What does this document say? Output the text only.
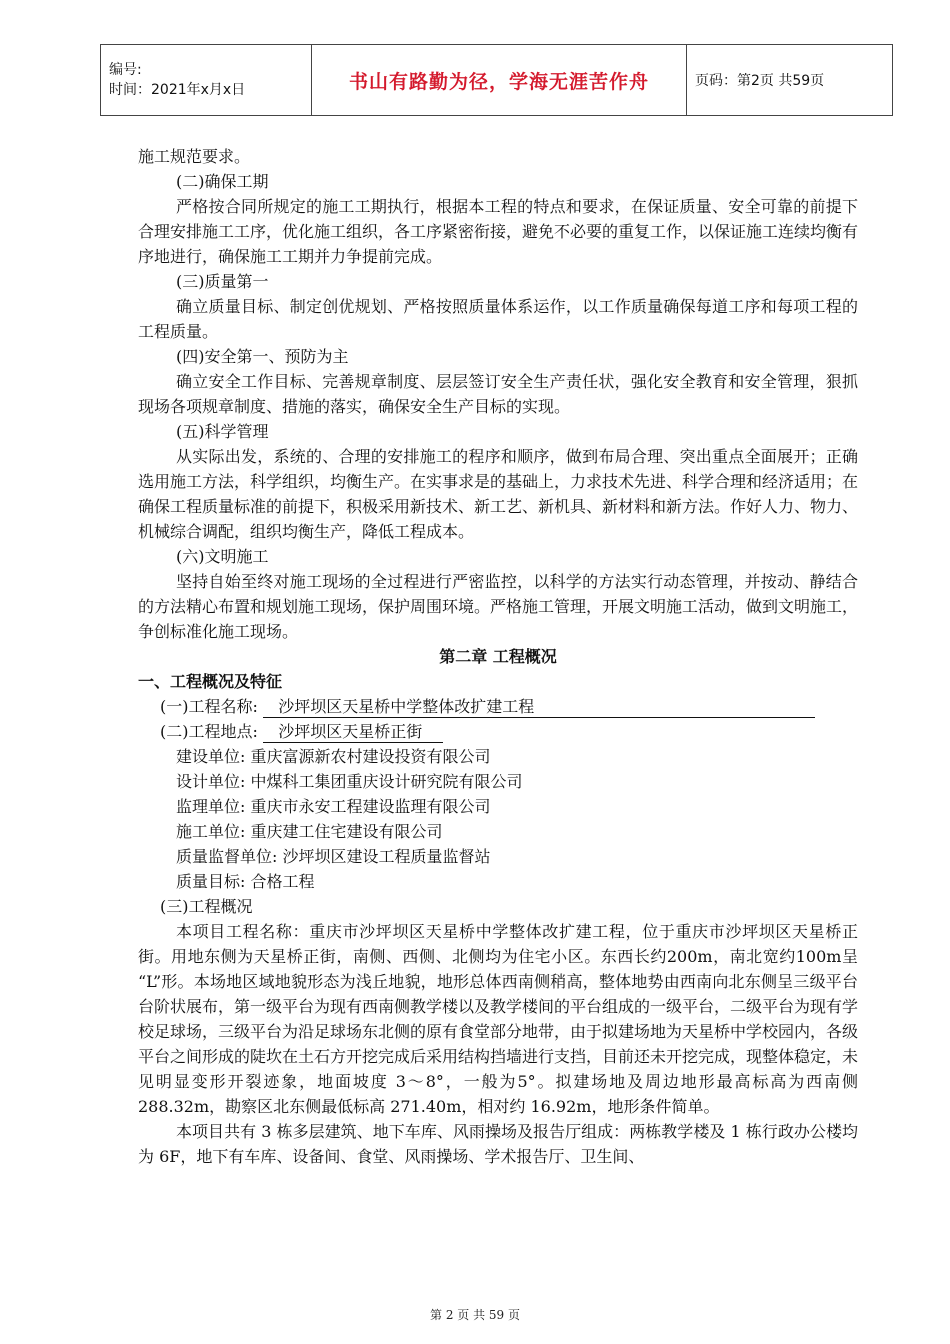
编号:
时间：2021年x月x日	书山有路勤为径，学海无涯苦作舟	页码：第2页 共59页

施工规范要求。

(二)确保工期

严格按合同所规定的施工工期执行，根据本工程的特点和要求，在保证质量、安全可靠的前提下合理安排施工工序，优化施工组织，各工序紧密衔接，避免不必要的重复工作，以保证施工连续均衡有序地进行，确保施工工期并力争提前完成。

(三)质量第一

确立质量目标、制定创优规划、严格按照质量体系运作，以工作质量确保每道工序和每项工程的工程质量。

(四)安全第一、预防为主

确立安全工作目标、完善规章制度、层层签订安全生产责任状，强化安全教育和安全管理，狠抓现场各项规章制度、措施的落实，确保安全生产目标的实现。

(五)科学管理

从实际出发，系统的、合理的安排施工的程序和顺序，做到布局合理、突出重点全面展开；正确选用施工方法，科学组织，均衡生产。在实事求是的基础上，力求技术先进、科学合理和经济适用；在确保工程质量标准的前提下，积极采用新技术、新工艺、新机具、新材料和新方法。作好人力、物力、机械综合调配，组织均衡生产，降低工程成本。

(六)文明施工

坚持自始至终对施工现场的全过程进行严密监控，以科学的方法实行动态管理，并按动、静结合的方法精心布置和规划施工现场，保护周围环境。严格施工管理，开展文明施工活动，做到文明施工，争创标准化施工现场。

第二章 工程概况

一、工程概况及特征

(一)工程名称: 沙坪坝区天星桥中学整体改扩建工程

(二)工程地点: 沙坪坝区天星桥正街

建设单位: 重庆富源新农村建设投资有限公司

设计单位: 中煤科工集团重庆设计研究院有限公司

监理单位: 重庆市永安工程建设监理有限公司

施工单位: 重庆建工住宅建设有限公司

质量监督单位: 沙坪坝区建设工程质量监督站

质量目标: 合格工程

(三)工程概况

本项目工程名称：重庆市沙坪坝区天星桥中学整体改扩建工程，位于重庆市沙坪坝区天星桥正街。用地东侧为天星桥正街，南侧、西侧、北侧均为住宅小区。东西长约200m，南北宽约100m呈 “L”形。本场地区域地貌形态为浅丘地貌，地形总体西南侧稍高，整体地势由西南向北东侧呈三级平台台阶状展布，第一级平台为现有西南侧教学楼以及教学楼间的平台组成的一级平台，二级平台为现有学校足球场，三级平台为沿足球场东北侧的原有食堂部分地带，由于拟建场地为天星桥中学校园内，各级平台之间形成的陡坎在土石方开挖完成后采用结构挡墙进行支挡，目前还未开挖完成，现整体稳定，未见明显变形开裂迹象，地面坡度 3～8°，一般为5°。拟建场地及周边地形最高标高为西南侧 288.32m，勘察区北东侧最低标高 271.40m，相对约 16.92m，地形条件简单。

本项目共有 3 栋多层建筑、地下车库、风雨操场及报告厅组成：两栋教学楼及 1 栋行政办公楼均为 6F，地下有车库、设备间、食堂、风雨操场、学术报告厅、卫生间、

第 2 页 共 59 页
